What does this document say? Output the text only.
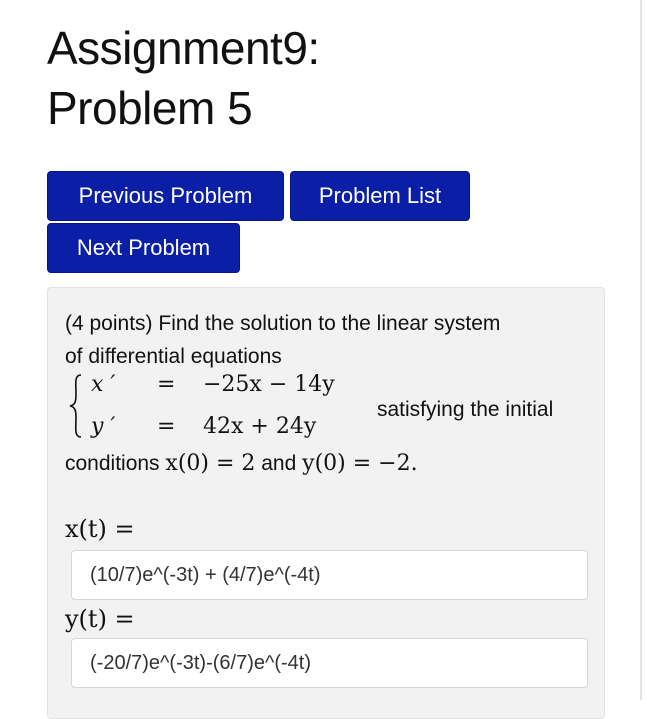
Assignment9:
Problem 5
Previous Problem	Problem List
Next Problem
(4 points) Find the solution to the linear system
of differential equations
x ′ = −25x − 14y
y ′ = 42x + 24y
satisfying the initial
conditions x(0) = 2 and y(0) = −2.
x(t) =
(10/7)e^(-3t) + (4/7)e^(-4t)
y(t) =
(-20/7)e^(-3t)-(6/7)e^(-4t)
